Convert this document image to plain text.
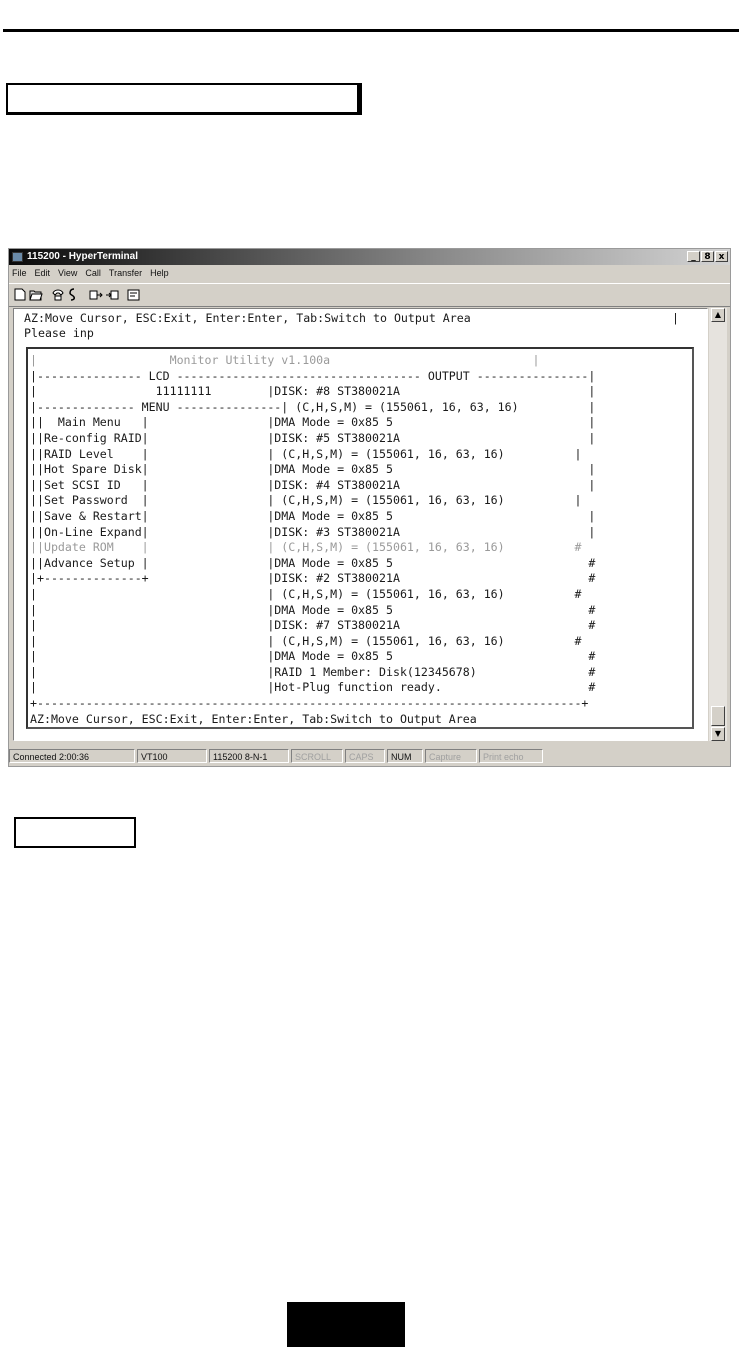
115200 - HyperTerminal	_ 8 x
File Edit View Call Transfer Help
AZ:Move Cursor, ESC:Exit, Enter:Enter, Tab:Switch to Output Area
Please inp
|
|                   Monitor Utility v1.100a                             |
|--------------- LCD ----------------------------------- OUTPUT ----------------|
|                 11111111        |DISK: #8 ST380021A                           |
|-------------- MENU ---------------| (C,H,S,M) = (155061, 16, 63, 16)          |
||  Main Menu   |                 |DMA Mode = 0x85 5                            |
||Re-config RAID|                 |DISK: #5 ST380021A                           |
||RAID Level    |                 | (C,H,S,M) = (155061, 16, 63, 16)          |
||Hot Spare Disk|                 |DMA Mode = 0x85 5                            |
||Set SCSI ID   |                 |DISK: #4 ST380021A                           |
||Set Password  |                 | (C,H,S,M) = (155061, 16, 63, 16)          |
||Save & Restart|                 |DMA Mode = 0x85 5                            |
||On-Line Expand|                 |DISK: #3 ST380021A                           |
||Update ROM    |                 | (C,H,S,M) = (155061, 16, 63, 16)          #
||Advance Setup |                 |DMA Mode = 0x85 5                            #
|+--------------+                 |DISK: #2 ST380021A                           #
|                                 | (C,H,S,M) = (155061, 16, 63, 16)          #
|                                 |DMA Mode = 0x85 5                            #
|                                 |DISK: #7 ST380021A                           #
|                                 | (C,H,S,M) = (155061, 16, 63, 16)          #
|                                 |DMA Mode = 0x85 5                            #
|                                 |RAID 1 Member: Disk(12345678)                #
|                                 |Hot-Plug function ready.                     #
+------------------------------------------------------------------------------+
AZ:Move Cursor, ESC:Exit, Enter:Enter, Tab:Switch to Output Area

▲
▼
Connected 2:00:36	VT100	115200 8-N-1	SCROLL	CAPS	NUM	Capture	Print echo
